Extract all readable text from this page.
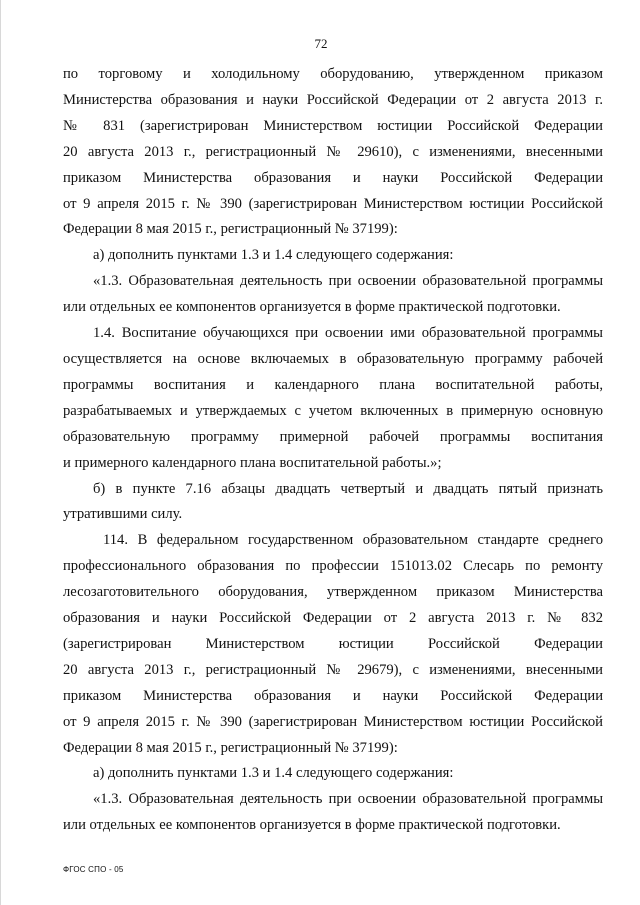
72
по торговому и холодильному оборудованию, утвержденном приказом
Министерства образования и науки Российской Федерации от 2 августа 2013 г.
№ 831 (зарегистрирован Министерством юстиции Российской Федерации
20 августа 2013 г., регистрационный № 29610), с изменениями, внесенными
приказом Министерства образования и науки Российской Федерации
от 9 апреля 2015 г. № 390 (зарегистрирован Министерством юстиции Российской
Федерации 8 мая 2015 г., регистрационный № 37199):
а) дополнить пунктами 1.3 и 1.4 следующего содержания:
«1.3. Образовательная деятельность при освоении образовательной программы
или отдельных ее компонентов организуется в форме практической подготовки.
1.4. Воспитание обучающихся при освоении ими образовательной программы
осуществляется на основе включаемых в образовательную программу рабочей
программы воспитания и календарного плана воспитательной работы,
разрабатываемых и утверждаемых с учетом включенных в примерную основную
образовательную программу примерной рабочей программы воспитания
и примерного календарного плана воспитательной работы.»;
б) в пункте 7.16 абзацы двадцать четвертый и двадцать пятый признать
утратившими силу.
114. В федеральном государственном образовательном стандарте среднего
профессионального образования по профессии 151013.02 Слесарь по ремонту
лесозаготовительного оборудования, утвержденном приказом Министерства
образования и науки Российской Федерации от 2 августа 2013 г. № 832
(зарегистрирован Министерством юстиции Российской Федерации
20 августа 2013 г., регистрационный № 29679), с изменениями, внесенными
приказом Министерства образования и науки Российской Федерации
от 9 апреля 2015 г. № 390 (зарегистрирован Министерством юстиции Российской
Федерации 8 мая 2015 г., регистрационный № 37199):
а) дополнить пунктами 1.3 и 1.4 следующего содержания:
«1.3. Образовательная деятельность при освоении образовательной программы
или отдельных ее компонентов организуется в форме практической подготовки.
ФГОС СПО - 05
